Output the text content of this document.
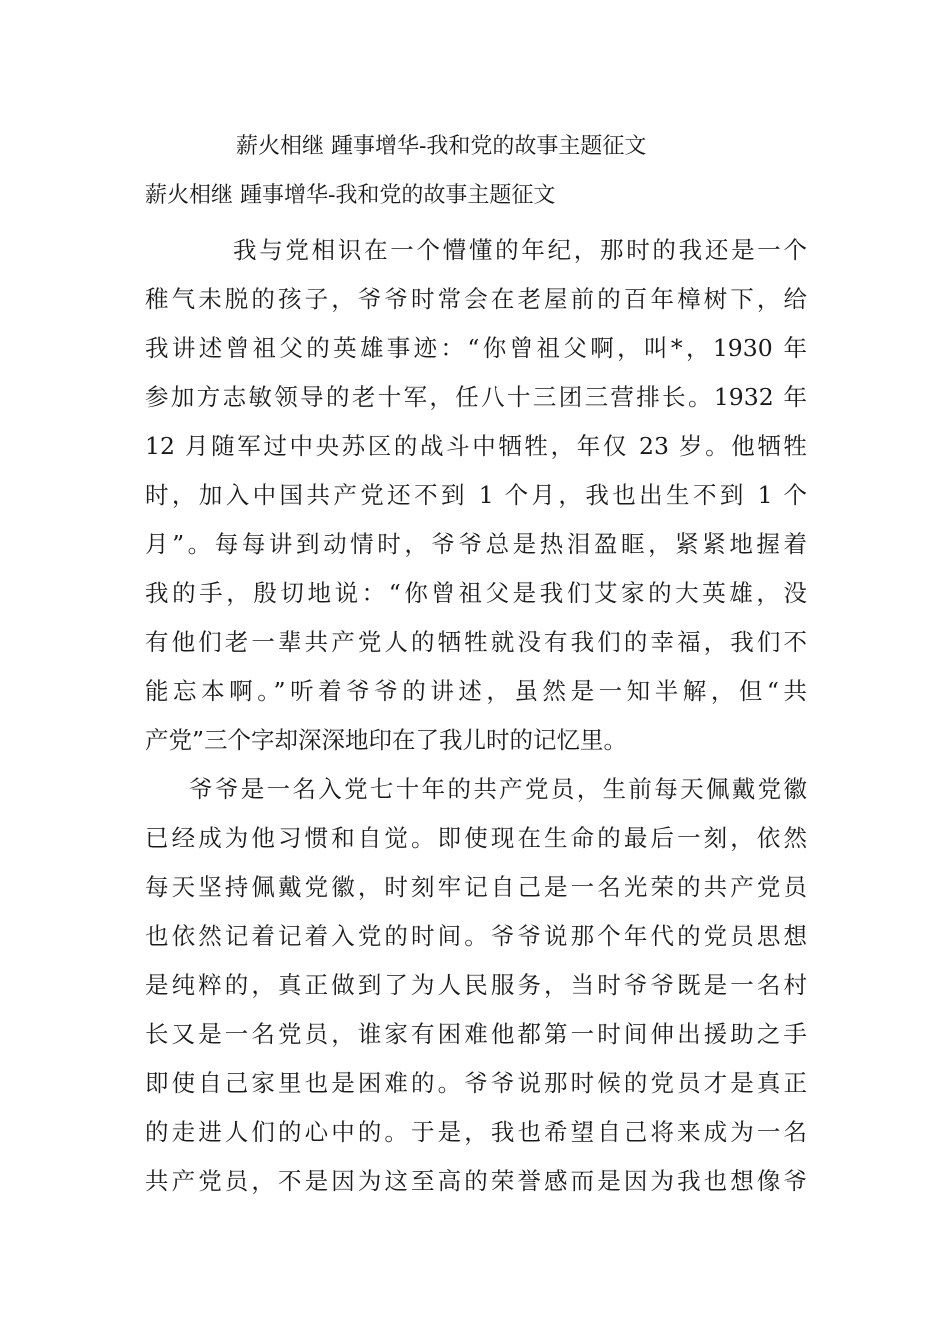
薪火相继 踵事增华-我和党的故事主题征文
薪火相继 踵事增华-我和党的故事主题征文
我与党相识在一个懵懂的年纪，那时的我还是一个
稚气未脱的孩子，爷爷时常会在老屋前的百年樟树下，给
我讲述曾祖父的英雄事迹：“你曾祖父啊，叫*，1930 年
参加方志敏领导的老十军，任八十三团三营排长。1932 年
12 月随军过中央苏区的战斗中牺牲，年仅 23 岁。他牺牲
时，加入中国共产党还不到 1 个月，我也出生不到 1 个
月”。每每讲到动情时，爷爷总是热泪盈眶，紧紧地握着
我的手，殷切地说：“你曾祖父是我们艾家的大英雄，没
有他们老一辈共产党人的牺牲就没有我们的幸福，我们不
能忘本啊。”听着爷爷的讲述，虽然是一知半解，但“共
产党”三个字却深深地印在了我儿时的记忆里。
爷爷是一名入党七十年的共产党员，生前每天佩戴党徽
已经成为他习惯和自觉。即使现在生命的最后一刻，依然
每天坚持佩戴党徽，时刻牢记自己是一名光荣的共产党员
也依然记着记着入党的时间。爷爷说那个年代的党员思想
是纯粹的，真正做到了为人民服务，当时爷爷既是一名村
长又是一名党员，谁家有困难他都第一时间伸出援助之手
即使自己家里也是困难的。爷爷说那时候的党员才是真正
的走进人们的心中的。于是，我也希望自己将来成为一名
共产党员，不是因为这至高的荣誉感而是因为我也想像爷
